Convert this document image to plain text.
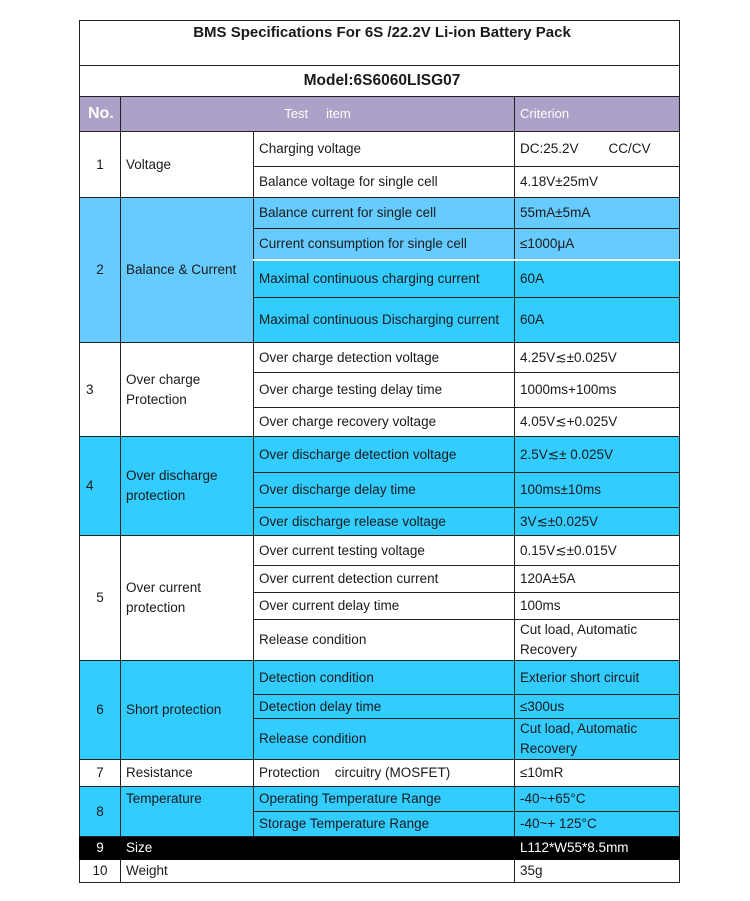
BMS Specifications For 6S /22.2V Li-ion Battery Pack			
Model:6S6060LISG07			
No.	Test     item		Criterion
1	Voltage	Charging voltage	DC:25.2V        CC/CV
		Balance voltage for single cell	4.18V±25mV
2	Balance & Current	Balance current for single cell	55mA±5mA
		Current consumption for single cell	≤1000μA
		Maximal continuous charging current	60A
		Maximal continuous Discharging current	60A
3	Over charge Protection	Over charge detection voltage	4.25V≲±0.025V
		Over charge testing delay time	1000ms+100ms
		Over charge recovery voltage	4.05V≲+0.025V
4	Over discharge protection	Over discharge detection voltage	2.5V≲± 0.025V
		Over discharge delay time	100ms±10ms
		Over discharge release voltage	3V≲±0.025V
5	Over current protection	Over current testing voltage	0.15V≲±0.015V
		Over current detection current	120A±5A
		Over current delay time	100ms
		Release condition	Cut load, Automatic Recovery
6	Short protection	Detection condition	Exterior short circuit
		Detection delay time	≤300us
		Release condition	Cut load, Automatic Recovery
7	Resistance	Protection    circuitry (MOSFET)	≤10mR
8	Temperature	Operating Temperature Range	-40~+65°C
		Storage Temperature Range	-40~+ 125°C
9	Size		L112*W55*8.5mm
10	Weight		35g
